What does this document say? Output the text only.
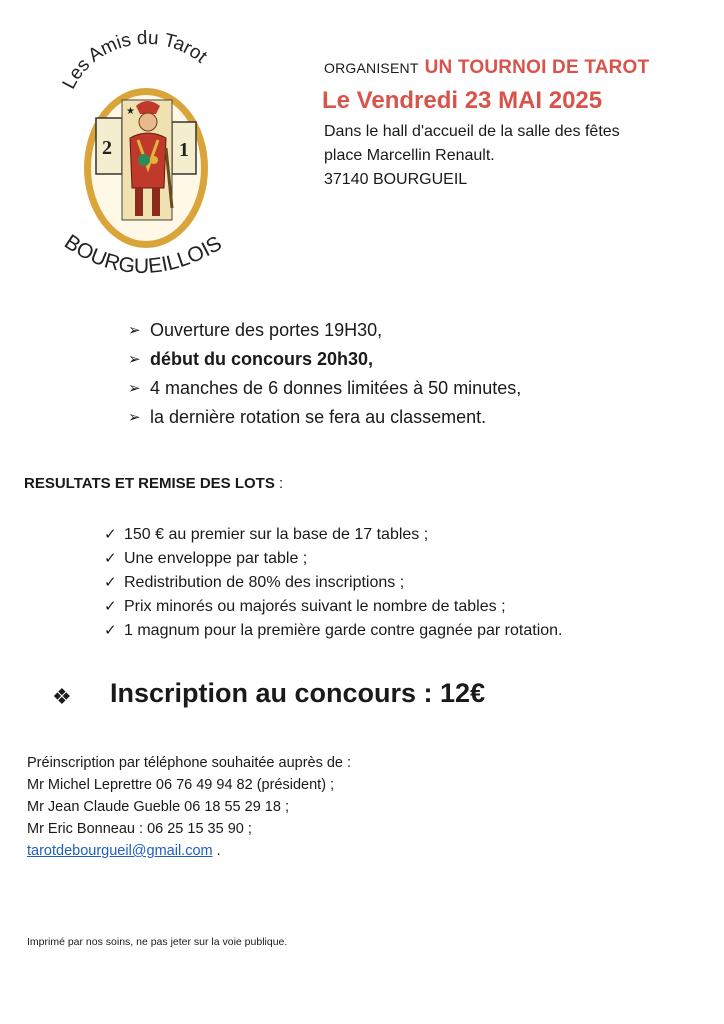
Les Amis du Tarot
2	1
★
BOURGUEILLOIS
ORGANISENT UN TOURNOI DE TAROT
Le Vendredi 23 MAI 2025
Dans le hall d'accueil de la salle des fêtes
place Marcellin Renault.
37140 BOURGUEIL
➢ Ouverture des portes 19H30,
➢ début du concours 20h30,
➢ 4 manches de 6 donnes limitées à 50 minutes,
➢ la dernière rotation se fera au classement.
RESULTATS ET REMISE DES LOTS :
✓ 150 € au premier sur la base de 17 tables ;
✓ Une enveloppe par table ;
✓ Redistribution de 80% des inscriptions ;
✓ Prix minorés ou majorés suivant le nombre de tables ;
✓ 1 magnum pour la première garde contre gagnée par rotation.
❖ Inscription au concours : 12€
Préinscription par téléphone souhaitée auprès de :
Mr Michel Leprettre 06 76 49 94 82 (président) ;
Mr Jean Claude Gueble 06 18 55 29 18 ;
Mr Eric Bonneau : 06 25 15 35 90 ;
tarotdebourgueil@gmail.com .
Imprimé par nos soins, ne pas jeter sur la voie publique.
